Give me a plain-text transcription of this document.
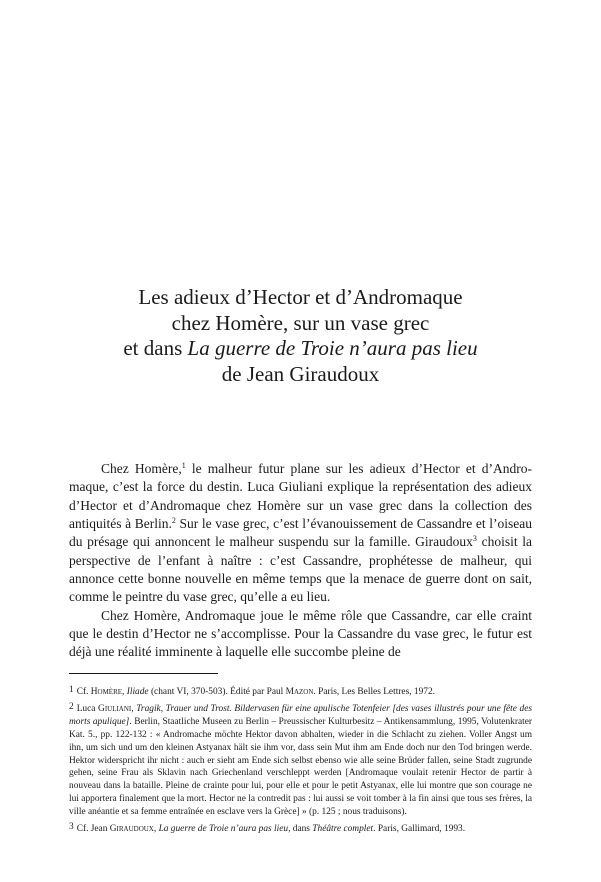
Les adieux d’Hector et d’Andromaque
chez Homère, sur un vase grec
et dans La guerre de Troie n’aura pas lieu
de Jean Giraudoux

Chez Homère,$^1$ le malheur futur plane sur les adieux d’Hector et d’Andromaque, c’est la force du destin. Luca Giuliani explique la représentation des adieux d’Hector et d’Andromaque chez Homère sur un vase grec dans la collection des antiquités à Berlin.$^2$ Sur le vase grec, c’est l’évanouissement de Cassandre et l’oiseau du présage qui annoncent le malheur suspendu sur la famille. Giraudoux$^3$ choisit la perspective de l’enfant à naître : c’est Cassandre, prophétesse de malheur, qui annonce cette bonne nouvelle en même temps que la menace de guerre dont on sait, comme le peintre du vase grec, qu’elle a eu lieu.

Chez Homère, Andromaque joue le même rôle que Cassandre, car elle craint que le destin d’Hector ne s’accomplisse. Pour la Cassandre du vase grec, le futur est déjà une réalité imminente à laquelle elle succombe pleine de

1 Cf. Homère, Iliade (chant VI, 370-503). Édité par Paul Mazon. Paris, Les Belles Lettres, 1972.

2 Luca Giuliani, Tragik, Trauer und Trost. Bildervasen für eine apulische Totenfeier [des vases illustrés pour une fête des morts apulique]. Berlin, Staatliche Museen zu Berlin – Preussischer Kulturbesitz – Antikensammlung, 1995, Volutenkrater Kat. 5., pp. 122-132 : « Andromache möchte Hektor davon abhalten, wieder in die Schlacht zu ziehen. Voller Angst um ihn, um sich und um den kleinen Astyanax hält sie ihm vor, dass sein Mut ihm am Ende doch nur den Tod bringen werde. Hektor widerspricht ihr nicht : auch er sieht am Ende sich selbst ebenso wie alle seine Brüder fallen, seine Stadt zugrunde gehen, seine Frau als Sklavin nach Griechenland verschleppt werden [Andromaque voulait retenir Hector de partir à nouveau dans la bataille. Pleine de crainte pour lui, pour elle et pour le petit Astyanax, elle lui montre que son courage ne lui apportera finalement que la mort. Hector ne la contredit pas : lui aussi se voit tomber à la fin ainsi que tous ses frères, la ville anéantie et sa femme entraînée en esclave vers la Grèce] » (p. 125 ; nous traduisons).

3 Cf. Jean Giraudoux, La guerre de Troie n’aura pas lieu, dans Théâtre complet. Paris, Gallimard, 1993.
